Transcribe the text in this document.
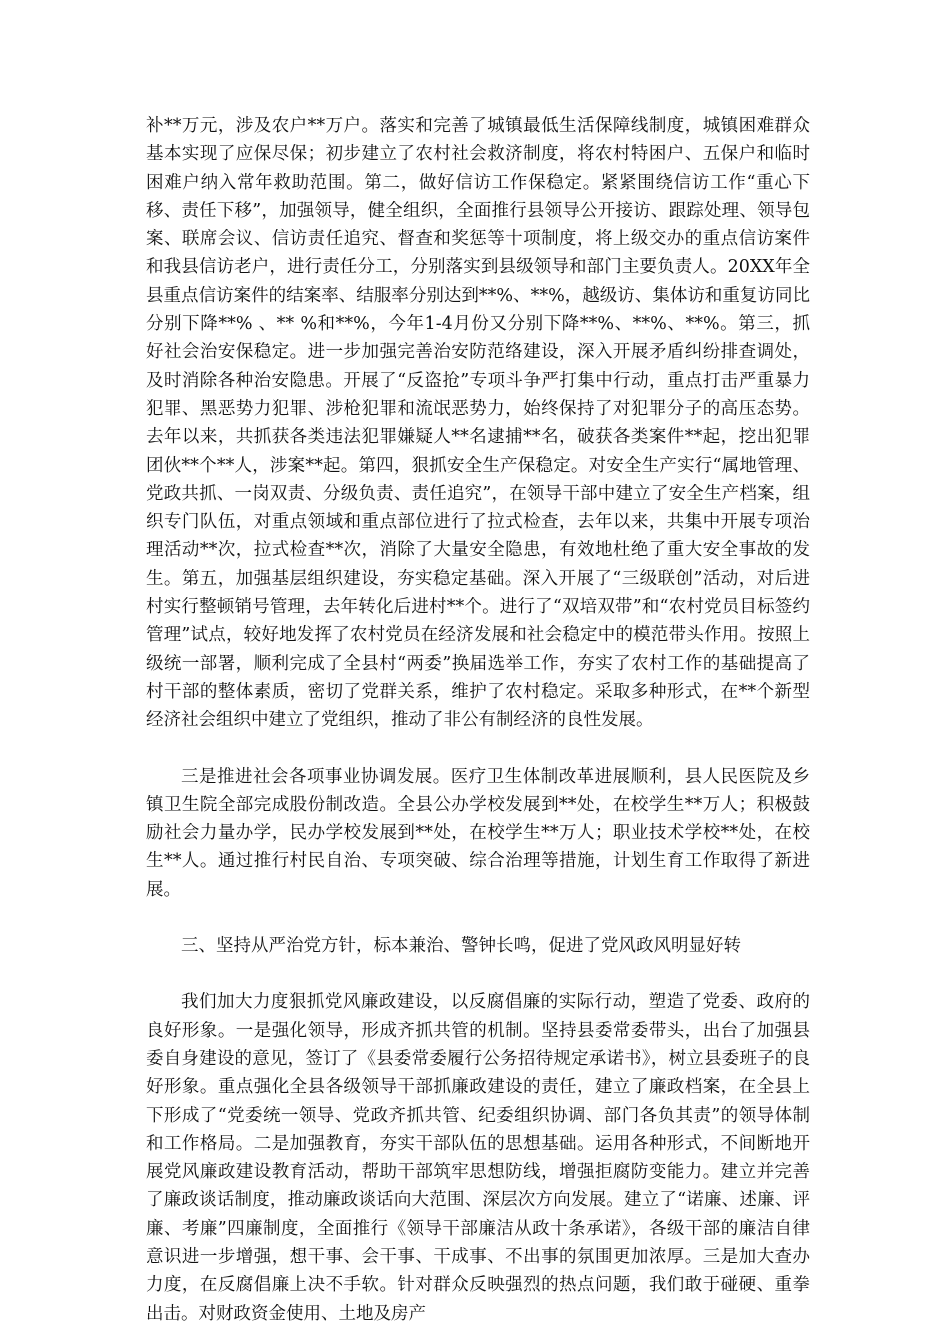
补**万元，涉及农户**万户。落实和完善了城镇最低生活保障线制度，城镇困难群众基本实现了应保尽保；初步建立了农村社会救济制度，将农村特困户、五保户和临时困难户纳入常年救助范围。第二，做好信访工作保稳定。紧紧围绕信访工作“重心下移、责任下移”，加强领导，健全组织，全面推行县领导公开接访、跟踪处理、领导包案、联席会议、信访责任追究、督查和奖惩等十项制度，将上级交办的重点信访案件和我县信访老户，进行责任分工，分别落实到县级领导和部门主要负责人。20XX年全县重点信访案件的结案率、结服率分别达到**%、**%，越级访、集体访和重复访同比分别下降**% 、** %和**%，今年1-4月份又分别下降**%、**%、**%。第三，抓好社会治安保稳定。进一步加强完善治安防范络建设，深入开展矛盾纠纷排查调处，及时消除各种治安隐患。开展了“反盗抢”专项斗争严打集中行动，重点打击严重暴力犯罪、黑恶势力犯罪、涉枪犯罪和流氓恶势力，始终保持了对犯罪分子的高压态势。去年以来，共抓获各类违法犯罪嫌疑人**名逮捕**名，破获各类案件**起，挖出犯罪团伙**个**人，涉案**起。第四，狠抓安全生产保稳定。对安全生产实行“属地管理、党政共抓、一岗双责、分级负责、责任追究”，在领导干部中建立了安全生产档案，组织专门队伍，对重点领域和重点部位进行了拉式检查，去年以来，共集中开展专项治理活动**次，拉式检查**次，消除了大量安全隐患，有效地杜绝了重大安全事故的发生。第五，加强基层组织建设，夯实稳定基础。深入开展了“三级联创”活动，对后进村实行整顿销号管理，去年转化后进村**个。进行了“双培双带”和“农村党员目标签约管理”试点，较好地发挥了农村党员在经济发展和社会稳定中的模范带头作用。按照上级统一部署，顺利完成了全县村“两委”换届选举工作，夯实了农村工作的基础提高了村干部的整体素质，密切了党群关系，维护了农村稳定。采取多种形式，在**个新型经济社会组织中建立了党组织，推动了非公有制经济的良性发展。

三是推进社会各项事业协调发展。医疗卫生体制改革进展顺利，县人民医院及乡镇卫生院全部完成股份制改造。全县公办学校发展到**处，在校学生**万人；积极鼓励社会力量办学，民办学校发展到**处，在校学生**万人；职业技术学校**处，在校生**人。通过推行村民自治、专项突破、综合治理等措施，计划生育工作取得了新进展。

三、坚持从严治党方针，标本兼治、警钟长鸣，促进了党风政风明显好转

我们加大力度狠抓党风廉政建设，以反腐倡廉的实际行动，塑造了党委、政府的良好形象。一是强化领导，形成齐抓共管的机制。坚持县委常委带头，出台了加强县委自身建设的意见，签订了《县委常委履行公务招待规定承诺书》，树立县委班子的良好形象。重点强化全县各级领导干部抓廉政建设的责任，建立了廉政档案，在全县上下形成了“党委统一领导、党政齐抓共管、纪委组织协调、部门各负其责”的领导体制和工作格局。二是加强教育，夯实干部队伍的思想基础。运用各种形式，不间断地开展党风廉政建设教育活动，帮助干部筑牢思想防线，增强拒腐防变能力。建立并完善了廉政谈话制度，推动廉政谈话向大范围、深层次方向发展。建立了“诺廉、述廉、评廉、考廉”四廉制度，全面推行《领导干部廉洁从政十条承诺》，各级干部的廉洁自律意识进一步增强，想干事、会干事、干成事、不出事的氛围更加浓厚。三是加大查办力度，在反腐倡廉上决不手软。针对群众反映强烈的热点问题，我们敢于碰硬、重拳出击。对财政资金使用、土地及房产
